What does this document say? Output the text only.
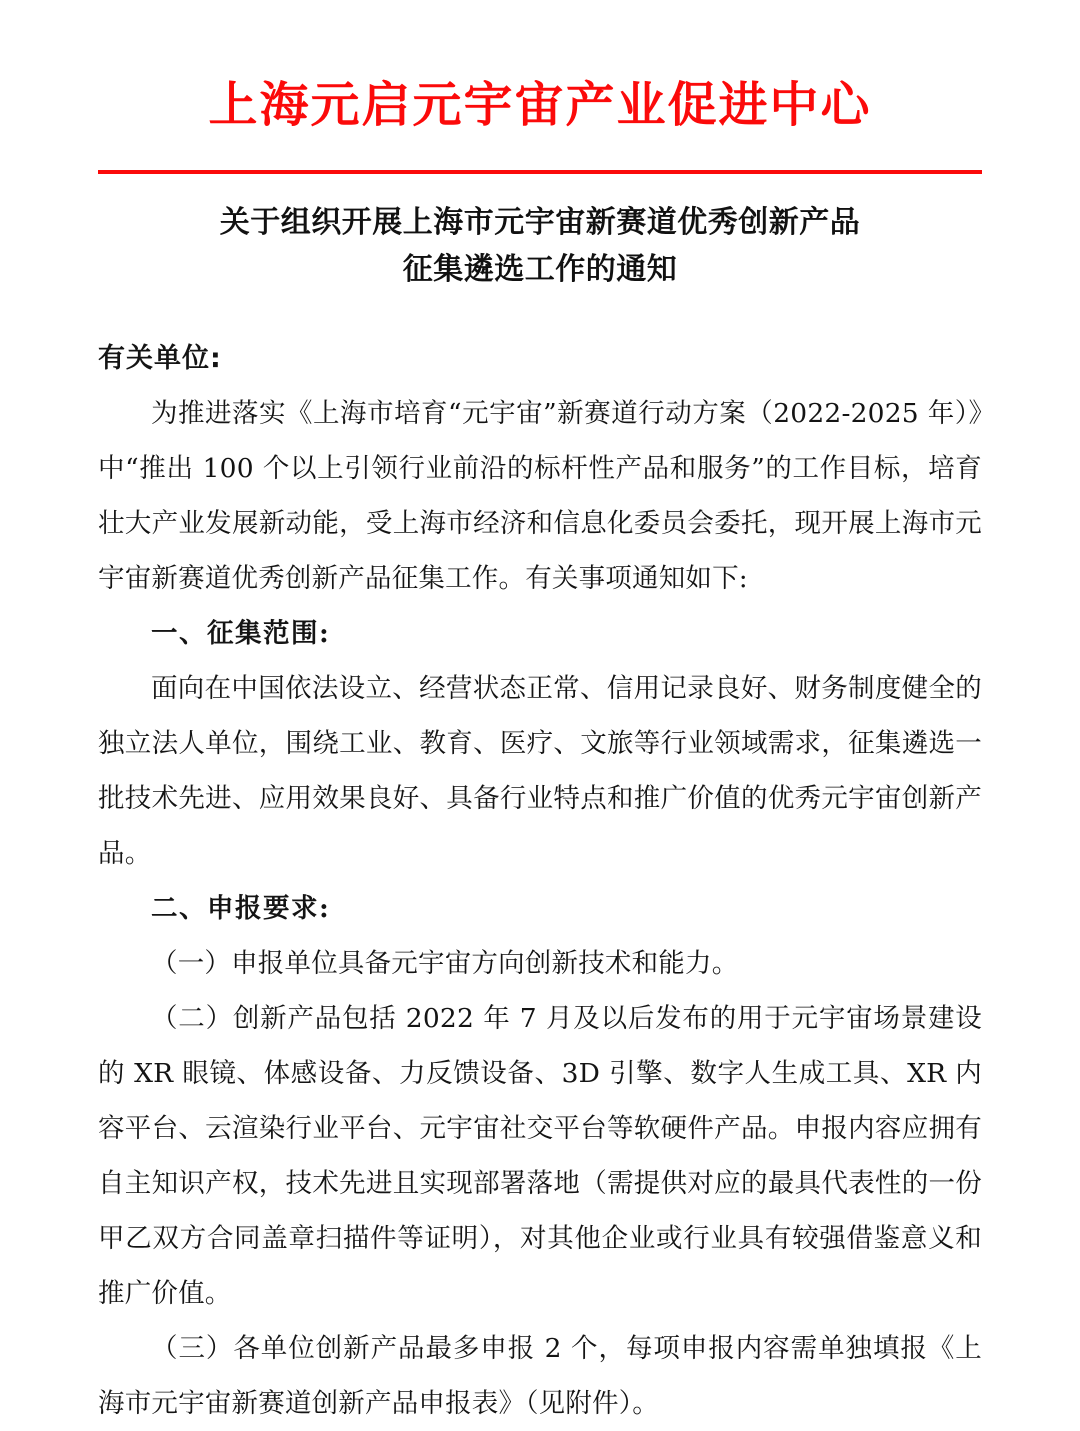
上海元启元宇宙产业促进中心
关于组织开展上海市元宇宙新赛道优秀创新产品
征集遴选工作的通知

有关单位:

为推进落实《上海市培育“元宇宙”新赛道行动方案（2022-2025 年）》中“推出 100 个以上引领行业前沿的标杆性产品和服务”的工作目标，培育壮大产业发展新动能，受上海市经济和信息化委员会委托，现开展上海市元宇宙新赛道优秀创新产品征集工作。有关事项通知如下:

一、征集范围:

面向在中国依法设立、经营状态正常、信用记录良好、财务制度健全的独立法人单位，围绕工业、教育、医疗、文旅等行业领域需求，征集遴选一批技术先进、应用效果良好、具备行业特点和推广价值的优秀元宇宙创新产品。

二、申报要求:

（一）申报单位具备元宇宙方向创新技术和能力。

（二）创新产品包括 2022 年 7 月及以后发布的用于元宇宙场景建设的 XR 眼镜、体感设备、力反馈设备、3D 引擎、数字人生成工具、XR 内容平台、云渲染行业平台、元宇宙社交平台等软硬件产品。申报内容应拥有自主知识产权，技术先进且实现部署落地（需提供对应的最具代表性的一份甲乙双方合同盖章扫描件等证明），对其他企业或行业具有较强借鉴意义和推广价值。

（三）各单位创新产品最多申报 2 个，每项申报内容需单独填报《上海市元宇宙新赛道创新产品申报表》（见附件）。
